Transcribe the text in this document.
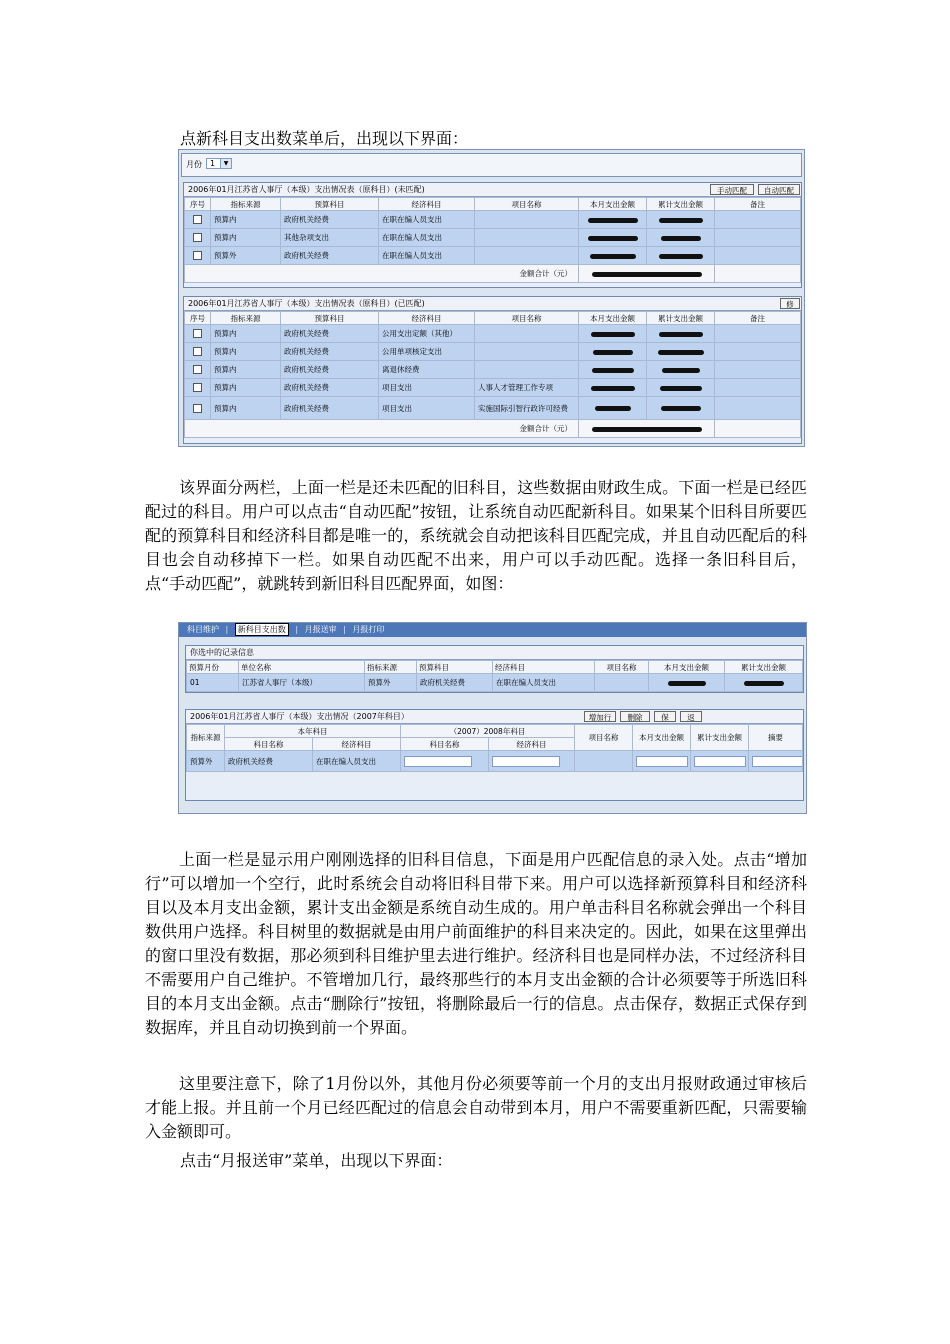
点新科目支出数菜单后，出现以下界面：

月份 1	▼
2006年01月江苏省人事厅（本级）支出情况表（原科目）(未匹配)	手动匹配	自动匹配
序号	指标来源	预算科目	经济科目	项目名称	本月支出金额	累计支出金额	备注
	预算内	政府机关经费	在职在编人员支出				
	预算内	其他杂项支出	在职在编人员支出				
	预算外	政府机关经费	在职在编人员支出				
金额合计（元）							
2006年01月江苏省人事厅（本级）支出情况表（原科目）(已匹配)	修
序号	指标来源	预算科目	经济科目	项目名称	本月支出金额	累计支出金额	备注
	预算内	政府机关经费	公用支出定额（其他）				
	预算内	政府机关经费	公用单项核定支出				
	预算内	政府机关经费	离退休经费				
	预算内	政府机关经费	项目支出	人事人才管理工作专项			
	预算内	政府机关经费	项目支出	实施国际引智行政许可经费			
金额合计（元）							

该界面分两栏，上面一栏是还未匹配的旧科目，这些数据由财政生成。下面一栏是已经匹配过的科目。用户可以点击“自动匹配”按钮，让系统自动匹配新科目。如果某个旧科目所要匹配的预算科目和经济科目都是唯一的，系统就会自动把该科目匹配完成，并且自动匹配后的科目也会自动移掉下一栏。如果自动匹配不出来，用户可以手动匹配。选择一条旧科目后，点“手动匹配”，就跳转到新旧科目匹配界面，如图：

科目维护 | 新科目支出数 | 月报送审 | 月报打印
你选中的记录信息
预算月份	单位名称	指标来源	预算科目	经济科目	项目名称	本月支出金额	累计支出金额
01	江苏省人事厅（本级）	预算外	政府机关经费	在职在编人员支出			
2006年01月江苏省人事厅（本级）支出情况（2007年科目）	增加行	删除	保	返
指标来源	本年科目		（2007）2008年科目		项目名称	本月支出金额	累计支出金额	摘要
	科目名称	经济科目	科目名称	经济科目				
预算外	政府机关经费	在职在编人员支出						

上面一栏是显示用户刚刚选择的旧科目信息，下面是用户匹配信息的录入处。点击“增加行”可以增加一个空行，此时系统会自动将旧科目带下来。用户可以选择新预算科目和经济科目以及本月支出金额，累计支出金额是系统自动生成的。用户单击科目名称就会弹出一个科目数供用户选择。科目树里的数据就是由用户前面维护的科目来决定的。因此，如果在这里弹出的窗口里没有数据，那必须到科目维护里去进行维护。经济科目也是同样办法，不过经济科目不需要用户自己维护。不管增加几行，最终那些行的本月支出金额的合计必须要等于所选旧科目的本月支出金额。点击“删除行”按钮，将删除最后一行的信息。点击保存，数据正式保存到数据库，并且自动切换到前一个界面。

这里要注意下，除了1月份以外，其他月份必须要等前一个月的支出月报财政通过审核后才能上报。并且前一个月已经匹配过的信息会自动带到本月，用户不需要重新匹配，只需要输入金额即可。

点击“月报送审”菜单，出现以下界面：
